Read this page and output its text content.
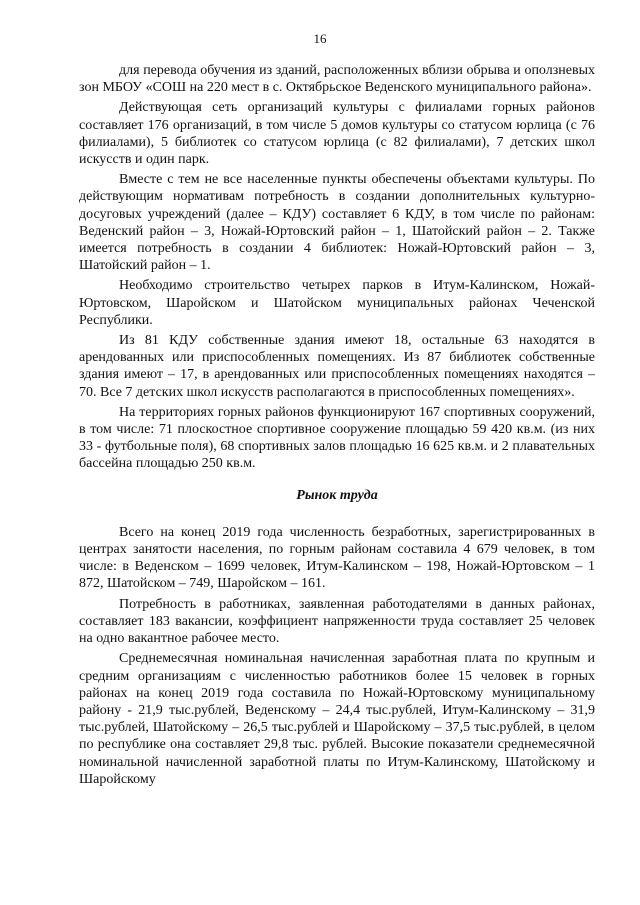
16

для перевода обучения из зданий, расположенных вблизи обрыва и оползневых зон МБОУ «СОШ на 220 мест в с. Октябрьское Веденского муниципального района».

Действующая сеть организаций культуры с филиалами горных районов составляет 176 организаций, в том числе 5 домов культуры со статусом юрлица (с 76 филиалами), 5 библиотек со статусом юрлица (с 82 филиалами), 7 детских школ искусств и один парк.

Вместе с тем не все населенные пункты обеспечены объектами культуры. По действующим нормативам потребность в создании дополнительных культурно-досуговых учреждений (далее – КДУ) составляет 6 КДУ, в том числе по районам: Веденский район – 3, Ножай-Юртовский район – 1, Шатойский район – 2. Также имеется потребность в создании 4 библиотек: Ножай-Юртовский район – 3, Шатойский район – 1.

Необходимо строительство четырех парков в Итум-Калинском, Ножай-Юртовском, Шаройском и Шатойском муниципальных районах Чеченской Республики.

Из 81 КДУ собственные здания имеют 18, остальные 63 находятся в арендованных или приспособленных помещениях. Из 87 библиотек собственные здания имеют – 17, в арендованных или приспособленных помещениях находятся – 70. Все 7 детских школ искусств располагаются в приспособленных помещениях».

На территориях горных районов функционируют 167 спортивных сооружений, в том числе: 71 плоскостное спортивное сооружение площадью 59 420 кв.м. (из них 33 - футбольные поля), 68 спортивных залов площадью 16 625 кв.м. и 2 плавательных бассейна площадью 250 кв.м.

Рынок труда

Всего на конец 2019 года численность безработных, зарегистрированных в центрах занятости населения, по горным районам составила 4 679 человек, в том числе: в Веденском – 1699 человек, Итум-Калинском – 198, Ножай-Юртовском – 1 872, Шатойском – 749, Шаройском – 161.

Потребность в работниках, заявленная работодателями в данных районах, составляет 183 вакансии, коэффициент напряженности труда составляет 25 человек на одно вакантное рабочее место.

Среднемесячная номинальная начисленная заработная плата по крупным и средним организациям с численностью работников более 15 человек в горных районах на конец 2019 года составила по Ножай-Юртовскому муниципальному району - 21,9 тыс.рублей, Веденскому – 24,4 тыс.рублей, Итум-Калинскому – 31,9 тыс.рублей, Шатойскому – 26,5 тыс.рублей и Шаройскому – 37,5 тыс.рублей, в целом по республике она составляет 29,8 тыс. рублей. Высокие показатели среднемесячной номинальной начисленной заработной платы по Итум-Калинскому, Шатойскому и Шаройскому
